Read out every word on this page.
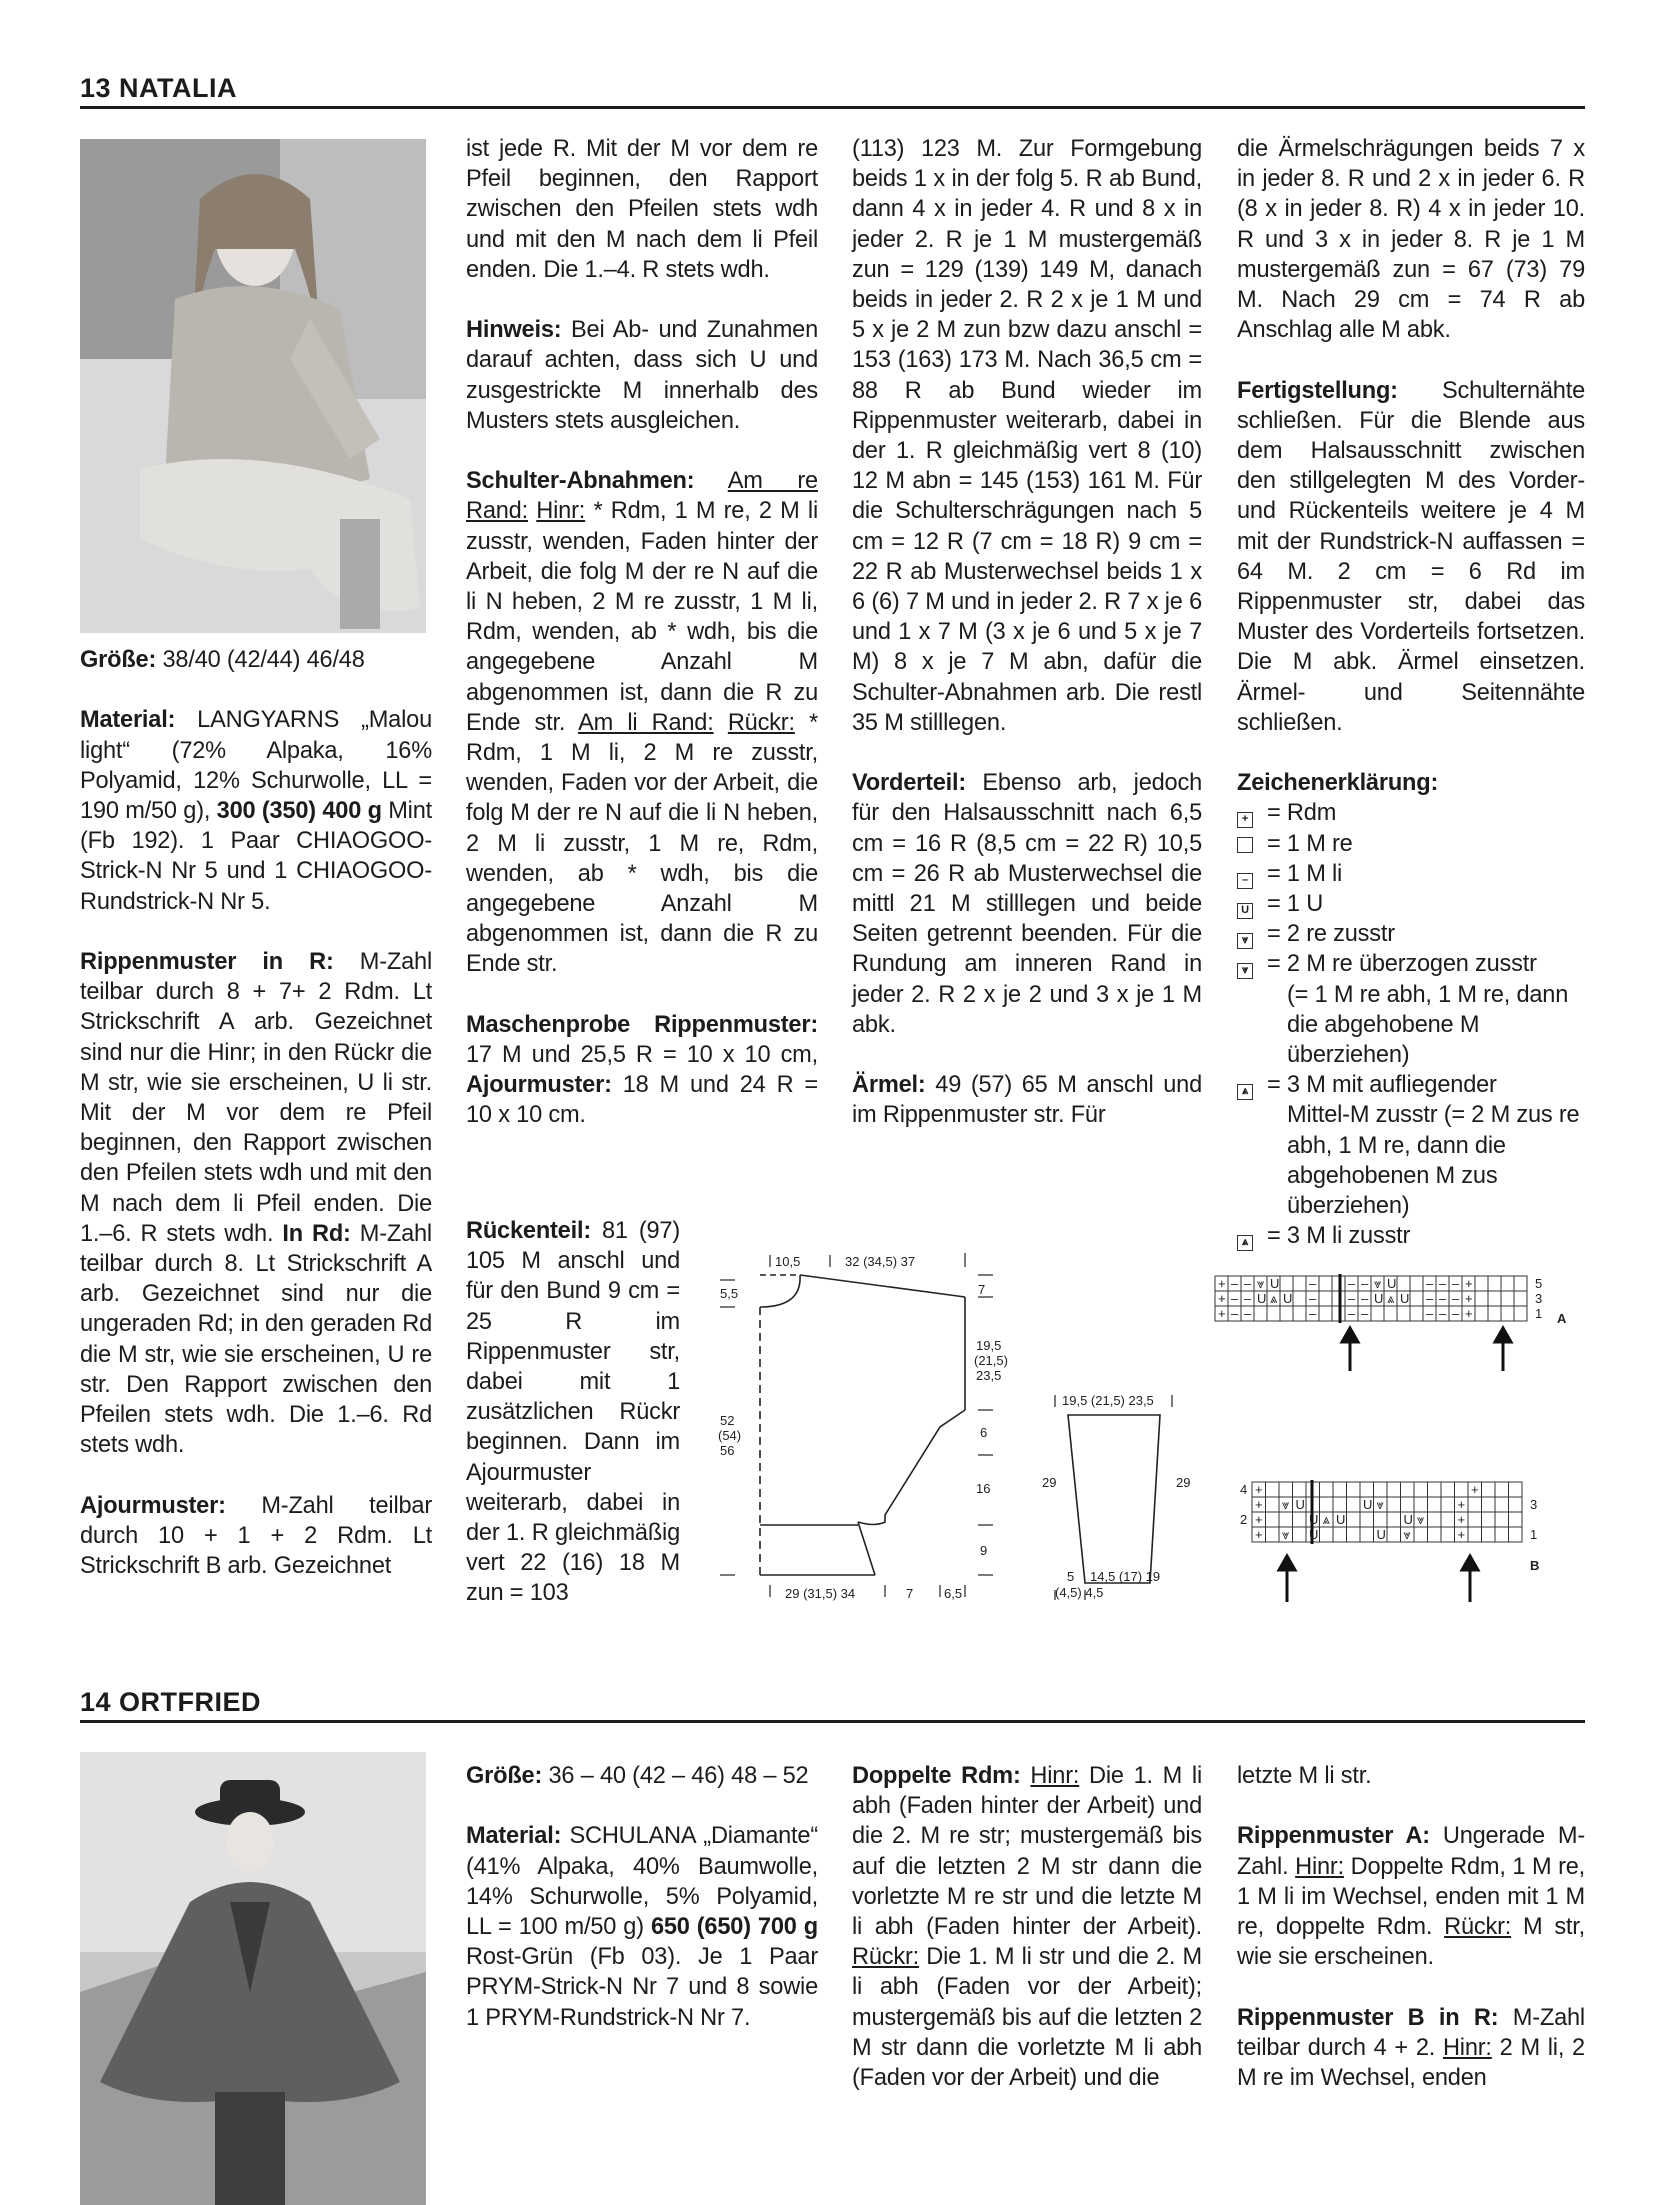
13 NATALIA

Größe: 38/40 (42/44) 46/48

Material: LANGYARNS „Malou light“ (72% Alpaka, 16% Polyamid, 12% Schurwolle, LL = 190 m/50 g), 300 (350) 400 g Mint (Fb 192). 1 Paar CHIAOGOO-Strick-N Nr 5 und 1 CHIAOGOO-Rundstrick-N Nr 5.

Rippenmuster in R: M-Zahl teilbar durch 8 + 7+ 2 Rdm. Lt Strickschrift A arb. Gezeichnet sind nur die Hinr; in den Rückr die M str, wie sie erscheinen, U li str. Mit der M vor dem re Pfeil beginnen, den Rapport zwischen den Pfeilen stets wdh und mit den M nach dem li Pfeil enden. Die 1.–6. R stets wdh. In Rd: M-Zahl teilbar durch 8. Lt Strickschrift A arb. Gezeichnet sind nur die ungeraden Rd; in den geraden Rd die M str, wie sie erscheinen, U re str. Den Rapport zwischen den Pfeilen stets wdh. Die 1.–6. Rd stets wdh.

Ajourmuster: M-Zahl teilbar durch 10 + 1 + 2 Rdm. Lt Strickschrift B arb. Gezeichnet

ist jede R. Mit der M vor dem re Pfeil beginnen, den Rapport zwischen den Pfeilen stets wdh und mit den M nach dem li Pfeil enden. Die 1.–4. R stets wdh.

Hinweis: Bei Ab- und Zunahmen darauf achten, dass sich U und zusgestrickte M innerhalb des Musters stets ausgleichen.

Schulter-Abnahmen: Am re Rand: Hinr: * Rdm, 1 M re, 2 M li zusstr, wenden, Faden hinter der Arbeit, die folg M der re N auf die li N heben, 2 M re zusstr, 1 M li, Rdm, wenden, ab * wdh, bis die angegebene Anzahl M abgenommen ist, dann die R zu Ende str. Am li Rand: Rückr: * Rdm, 1 M li, 2 M re zusstr, wenden, Faden vor der Arbeit, die folg M der re N auf die li N heben, 2 M li zusstr, 1 M re, Rdm, wenden, ab * wdh, bis die angegebene Anzahl M abgenommen ist, dann die R zu Ende str.

Maschenprobe Rippenmuster: 17 M und 25,5 R = 10 x 10 cm, Ajourmuster: 18 M und 24 R = 10 x 10 cm.

Rückenteil: 81 (97) 105 M anschl und für den Bund 9 cm = 25 R im Rippenmuster str, dabei mit 1 zusätzlichen Rückr beginnen. Dann im Ajourmuster weiterarb, dabei in der 1. R gleichmäßig vert 22 (16) 18 M zun = 103

(113) 123 M. Zur Formgebung beids 1 x in der folg 5. R ab Bund, dann 4 x in jeder 4. R und 8 x in jeder 2. R je 1 M mustergemäß zun = 129 (139) 149 M, danach beids in jeder 2. R 2 x je 1 M und 5 x je 2 M zun bzw dazu anschl = 153 (163) 173 M. Nach 36,5 cm = 88 R ab Bund wieder im Rippenmuster weiterarb, dabei in der 1. R gleichmäßig vert 8 (10) 12 M abn = 145 (153) 161 M. Für die Schulterschrägungen nach 5 cm = 12 R (7 cm = 18 R) 9 cm = 22 R ab Musterwechsel beids 1 x 6 (6) 7 M und in jeder 2. R 7 x je 6 und 1 x 7 M (3 x je 6 und 5 x je 7 M) 8 x je 7 M abn, dafür die Schulter-Abnahmen arb. Die restl 35 M stilllegen.

Vorderteil: Ebenso arb, jedoch für den Halsausschnitt nach 6,5 cm = 16 R (8,5 cm = 22 R) 10,5 cm = 26 R ab Musterwechsel die mittl 21 M stilllegen und beide Seiten getrennt beenden. Für die Rundung am inneren Rand in jeder 2. R 2 x je 2 und 3 x je 1 M abk.

Ärmel: 49 (57) 65 M anschl und im Rippenmuster str. Für

die Ärmelschrägungen beids 7 x in jeder 8. R und 2 x in jeder 6. R (8 x in jeder 8. R) 4 x in jeder 10. R und 3 x in jeder 8. R je 1 M mustergemäß zun = 67 (73) 79 M. Nach 29 cm = 74 R ab Anschlag alle M abk.

Fertigstellung: Schulternähte schließen. Für die Blende aus dem Halsausschnitt zwischen den stillgelegten M des Vorder- und Rückenteils weitere je 4 M mit der Rundstrick-N auffassen = 64 M. 2 cm = 6 Rd im Rippenmuster str, dabei das Muster des Vorderteils fortsetzen. Die M abk. Ärmel einsetzen. Ärmel- und Seitennähte schließen.

Zeichenerklärung:
+ = Rdm
= 1 M re
– = 1 M li
U = 1 U
⩔ = 2 re zusstr
⩔ = 2 M re überzogen zusstr
(= 1 M re abh, 1 M re, dann die abgehobene M überziehen)
⩓ = 3 M mit aufliegender
Mittel-M zusstr (= 2 M zus re abh, 1 M re, dann die abgehobenen M zus überziehen)
⩓ = 3 M li zusstr
10,5	32 (34,5) 37
5,5	7
19,5
(21,5)
23,5
52
(54)
56
6
16
9
29 (31,5) 34	7 6,5
19,5 (21,5) 23,5
29	29
5 14,5 (17) 19
(4,5) 4,5
+ – – ⩔ U – – – ⩔ U – – – +
+ – – U ⩓ U – – – U ⩓ U – – – +
+ – –	– – –	– – – +
5
3
1 A
+	+
+ ⩔ U	U ⩔	+
+	U ⩓ U	U ⩔	+
+ ⩔ U	U ⩔	+
4
2
3
1
B
14 ORTFRIED

Größe: 36 – 40 (42 – 46) 48 – 52

Material: SCHULANA „Diamante“ (41% Alpaka, 40% Baumwolle, 14% Schurwolle, 5% Polyamid, LL = 100 m/50 g) 650 (650) 700 g Rost-Grün (Fb 03). Je 1 Paar PRYM-Strick-N Nr 7 und 8 sowie 1 PRYM-Rundstrick-N Nr 7.

Doppelte Rdm: Hinr: Die 1. M li abh (Faden hinter der Arbeit) und die 2. M re str; mustergemäß bis auf die letzten 2 M str dann die vorletzte M re str und die letzte M li abh (Faden hinter der Arbeit). Rückr: Die 1. M li str und die 2. M li abh (Faden vor der Arbeit); mustergemäß bis auf die letzten 2 M str dann die vorletzte M li abh (Faden vor der Arbeit) und die

letzte M li str.

Rippenmuster A: Ungerade M-Zahl. Hinr: Doppelte Rdm, 1 M re, 1 M li im Wechsel, enden mit 1 M re, doppelte Rdm. Rückr: M str, wie sie erscheinen.

Rippenmuster B in R: M-Zahl teilbar durch 4 + 2. Hinr: 2 M li, 2 M re im Wechsel, enden
